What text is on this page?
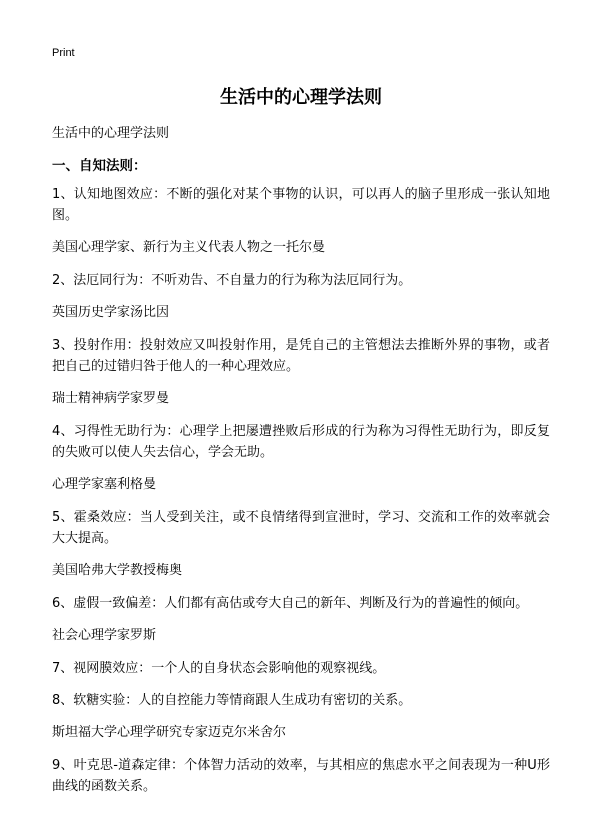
Print

生活中的心理学法则

生活中的心理学法则

一、自知法则：

1、认知地图效应：不断的强化对某个事物的认识，可以再人的脑子里形成一张认知地图。

美国心理学家、新行为主义代表人物之一托尔曼

2、法厄同行为：不听劝告、不自量力的行为称为法厄同行为。

英国历史学家汤比因

3、投射作用：投射效应又叫投射作用，是凭自己的主管想法去推断外界的事物，或者把自己的过错归咎于他人的一种心理效应。

瑞士精神病学家罗曼

4、习得性无助行为：心理学上把屡遭挫败后形成的行为称为习得性无助行为，即反复的失败可以使人失去信心，学会无助。

心理学家塞利格曼

5、霍桑效应：当人受到关注，或不良情绪得到宣泄时，学习、交流和工作的效率就会大大提高。

美国哈弗大学教授梅奥

6、虚假一致偏差：人们都有高估或夸大自己的新年、判断及行为的普遍性的倾向。

社会心理学家罗斯

7、视网膜效应：一个人的自身状态会影响他的观察视线。

8、软糖实验：人的自控能力等情商跟人生成功有密切的关系。

斯坦福大学心理学研究专家迈克尔米舍尔

9、叶克思-道森定律：个体智力活动的效率，与其相应的焦虑水平之间表现为一种U形曲线的函数关系。
